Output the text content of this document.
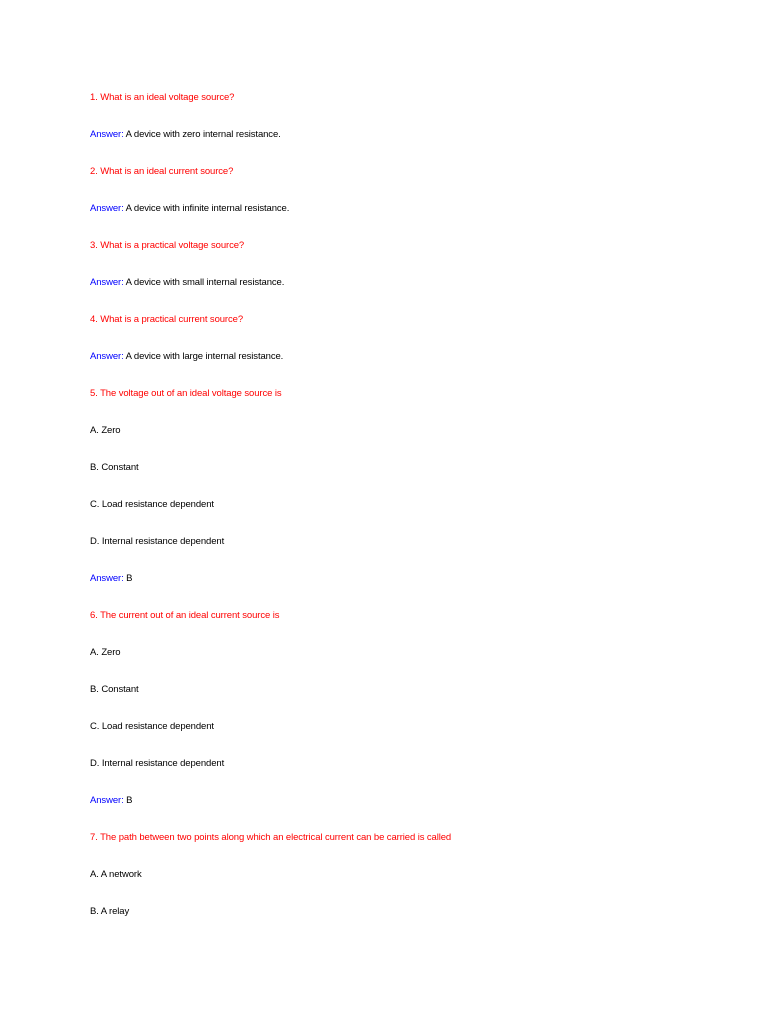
1. What is an ideal voltage source?
Answer: A device with zero internal resistance.
2. What is an ideal current source?
Answer: A device with infinite internal resistance.
3. What is a practical voltage source?
Answer: A device with small internal resistance.
4. What is a practical current source?
Answer: A device with large internal resistance.
5. The voltage out of an ideal voltage source is
A. Zero
B. Constant
C. Load resistance dependent
D. Internal resistance dependent
Answer: B
6. The current out of an ideal current source is
A. Zero
B. Constant
C. Load resistance dependent
D. Internal resistance dependent
Answer: B
7. The path between two points along which an electrical current can be carried is called
A. A network
B. A relay
